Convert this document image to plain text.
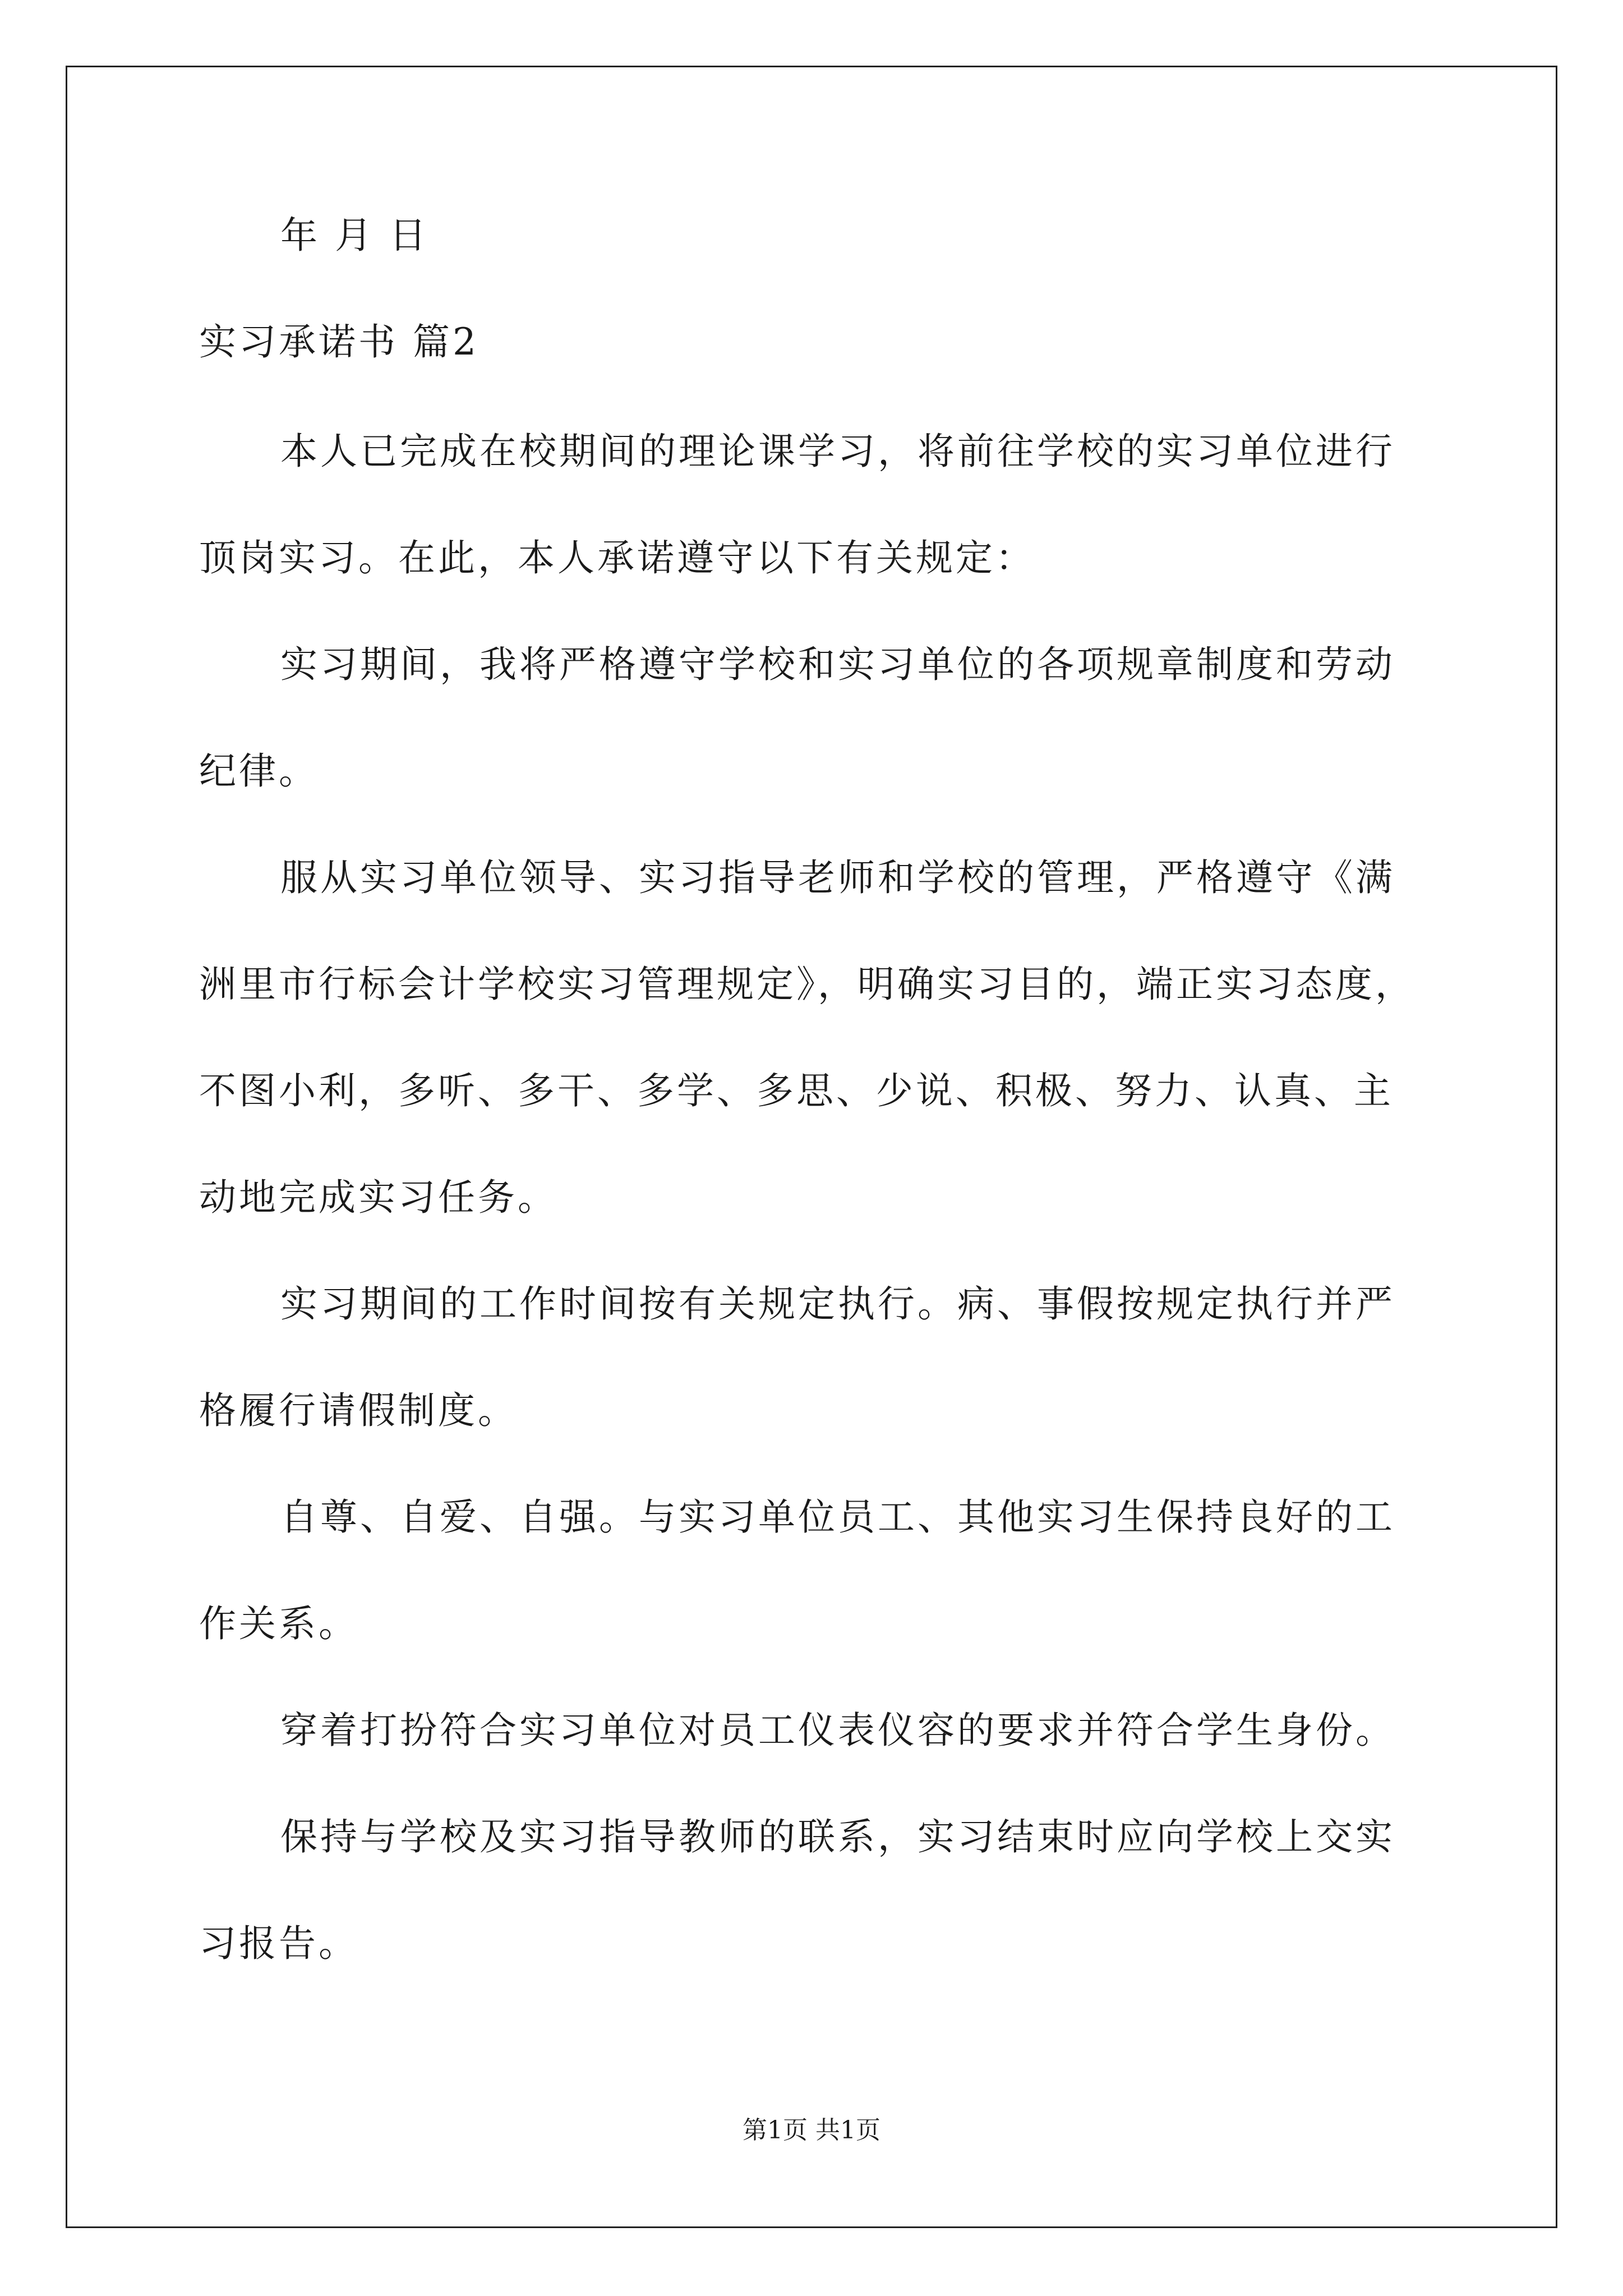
年 月 日
实习承诺书 篇2
本人已完成在校期间的理论课学习，将前往学校的实习单位进行
顶岗实习。在此，本人承诺遵守以下有关规定：
实习期间，我将严格遵守学校和实习单位的各项规章制度和劳动
纪律。
服从实习单位领导、实习指导老师和学校的管理，严格遵守《满
洲里市行标会计学校实习管理规定》，明确实习目的，端正实习态度，
不图小利，多听、多干、多学、多思、少说、积极、努力、认真、主
动地完成实习任务。
实习期间的工作时间按有关规定执行。病、事假按规定执行并严
格履行请假制度。
自尊、自爱、自强。与实习单位员工、其他实习生保持良好的工
作关系。
穿着打扮符合实习单位对员工仪表仪容的要求并符合学生身份。
保持与学校及实习指导教师的联系，实习结束时应向学校上交实
习报告。
第1页 共1页
